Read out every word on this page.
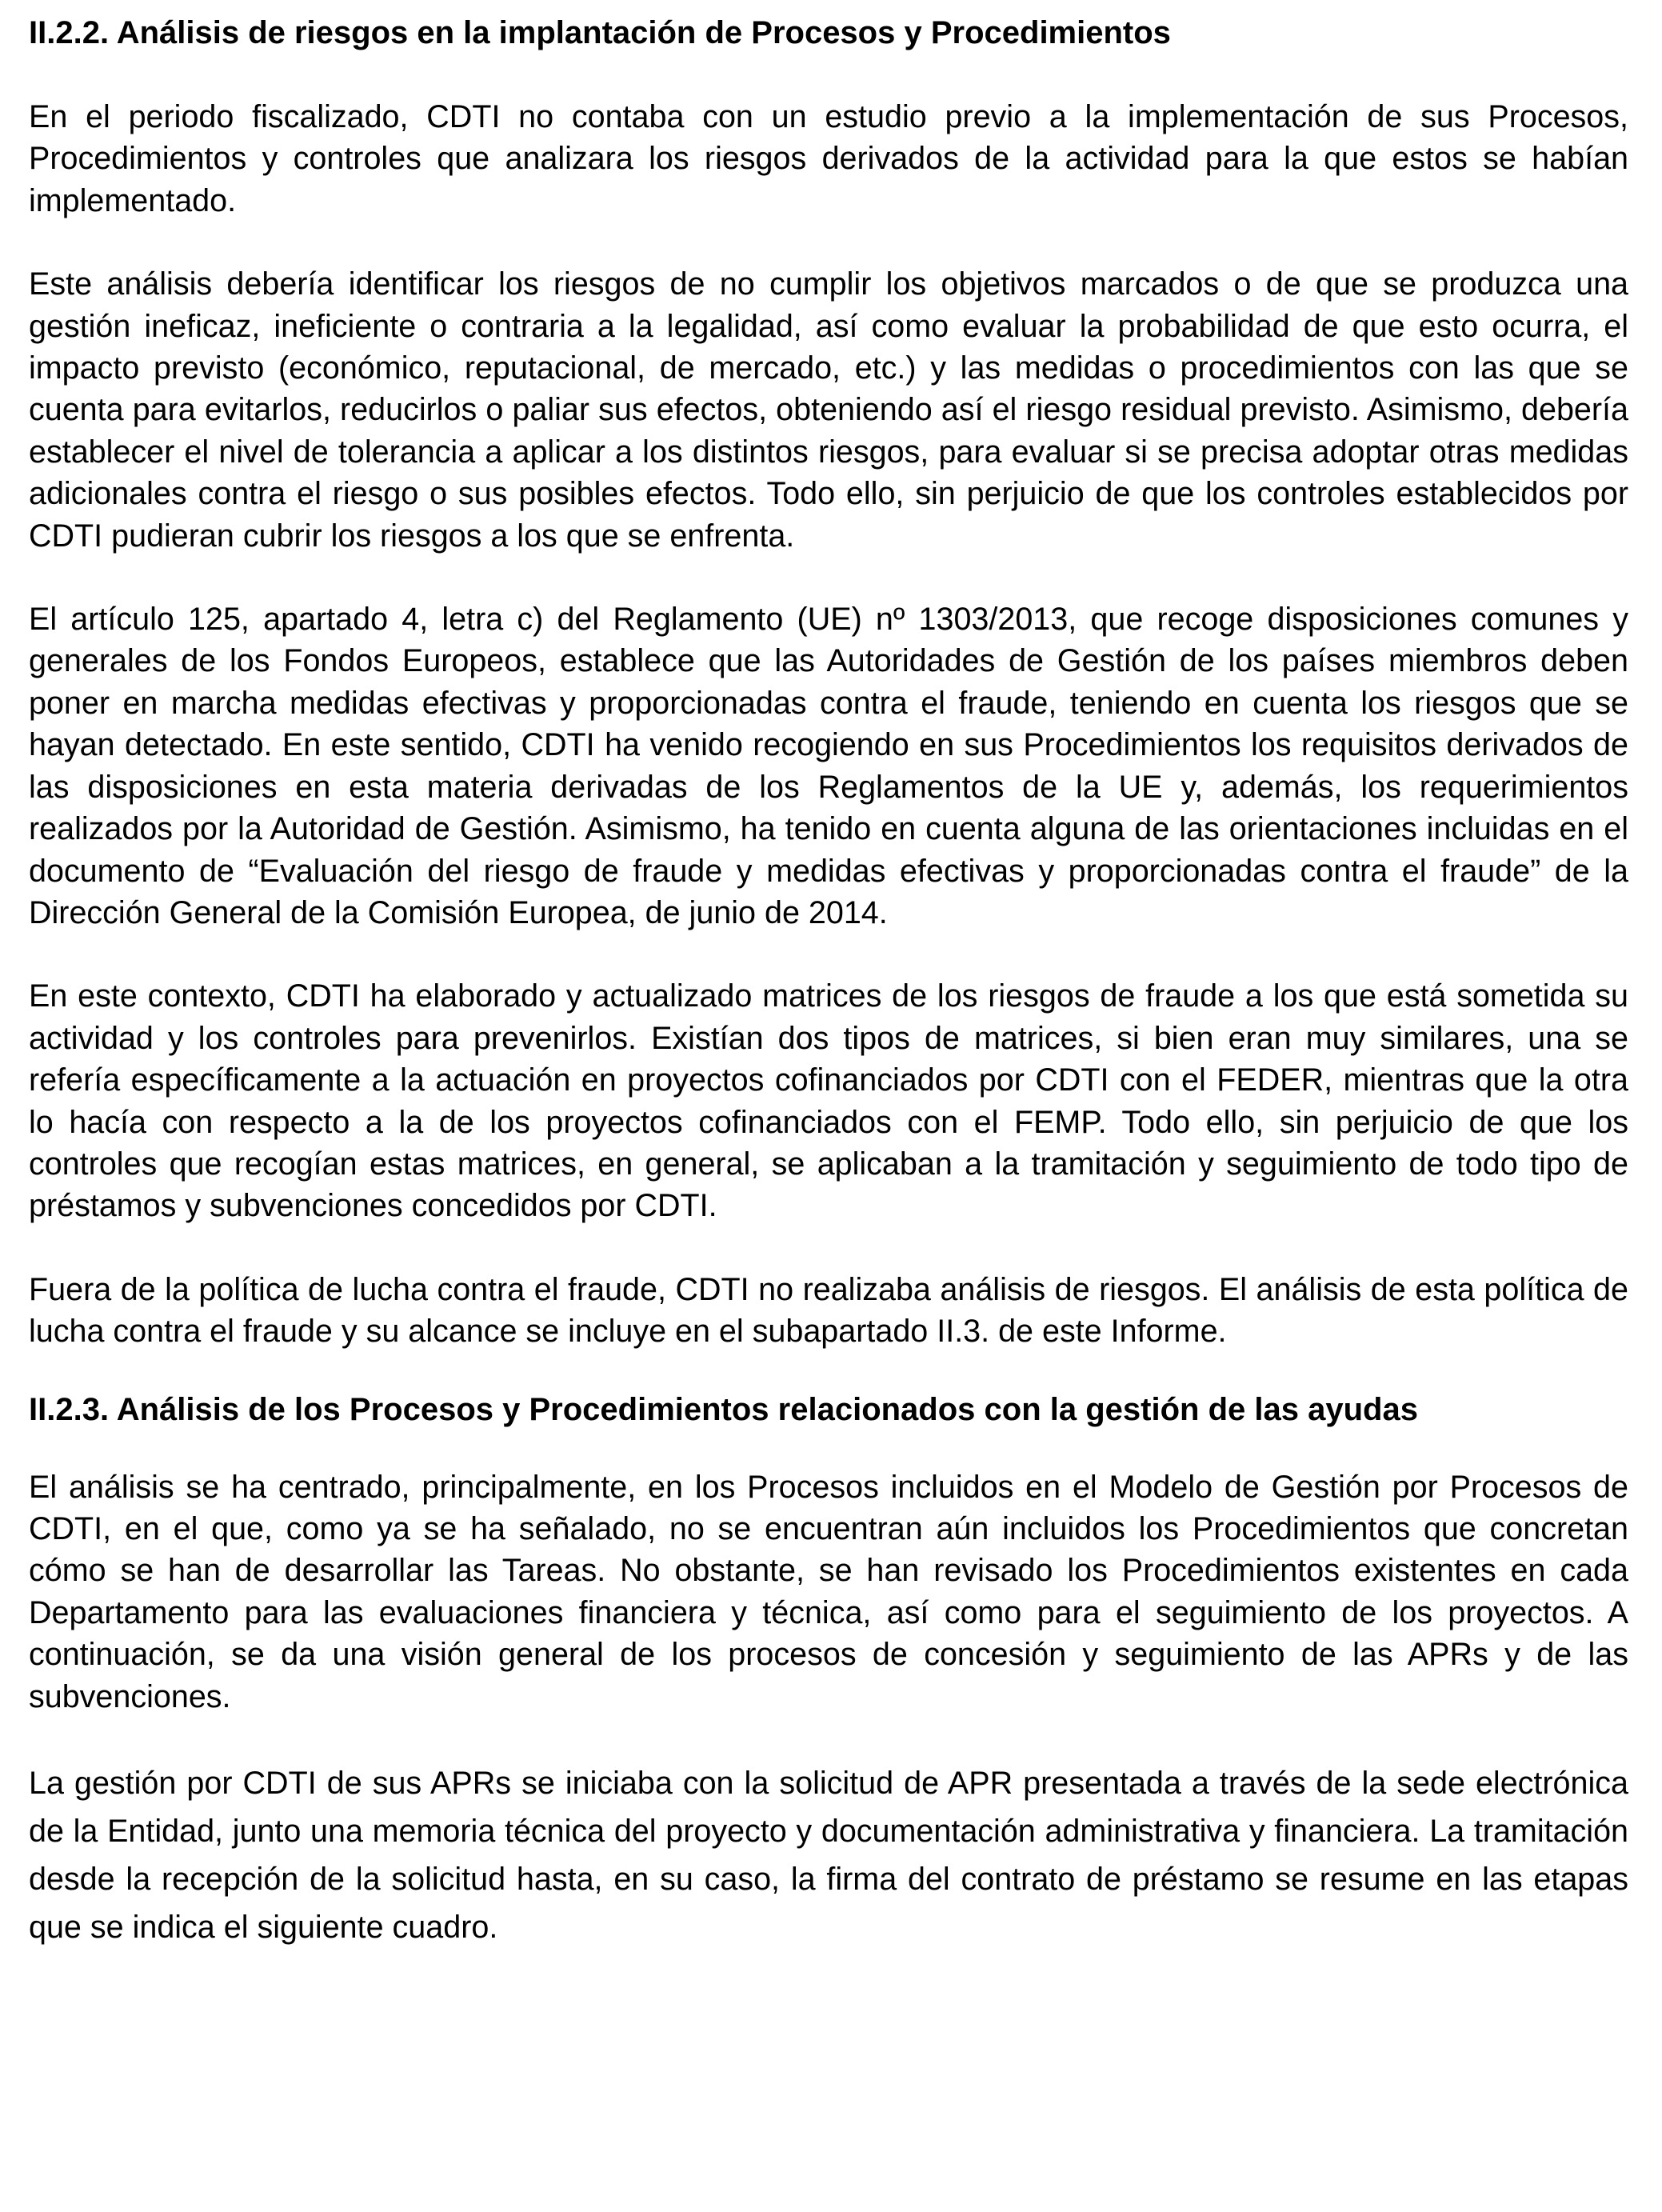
II.2.2. Análisis de riesgos en la implantación de Procesos y Procedimientos

En el periodo fiscalizado, CDTI no contaba con un estudio previo a la implementación de sus Procesos, Procedimientos y controles que analizara los riesgos derivados de la actividad para la que estos se habían implementado.

Este análisis debería identificar los riesgos de no cumplir los objetivos marcados o de que se produzca una gestión ineficaz, ineficiente o contraria a la legalidad, así como evaluar la probabilidad de que esto ocurra, el impacto previsto (económico, reputacional, de mercado, etc.) y las medidas o procedimientos con las que se cuenta para evitarlos, reducirlos o paliar sus efectos, obteniendo así el riesgo residual previsto. Asimismo, debería establecer el nivel de tolerancia a aplicar a los distintos riesgos, para evaluar si se precisa adoptar otras medidas adicionales contra el riesgo o sus posibles efectos. Todo ello, sin perjuicio de que los controles establecidos por CDTI pudieran cubrir los riesgos a los que se enfrenta.

El artículo 125, apartado 4, letra c) del Reglamento (UE) nº 1303/2013, que recoge disposiciones comunes y generales de los Fondos Europeos, establece que las Autoridades de Gestión de los países miembros deben poner en marcha medidas efectivas y proporcionadas contra el fraude, teniendo en cuenta los riesgos que se hayan detectado. En este sentido, CDTI ha venido recogiendo en sus Procedimientos los requisitos derivados de las disposiciones en esta materia derivadas de los Reglamentos de la UE y, además, los requerimientos realizados por la Autoridad de Gestión. Asimismo, ha tenido en cuenta alguna de las orientaciones incluidas en el documento de “Evaluación del riesgo de fraude y medidas efectivas y proporcionadas contra el fraude” de la Dirección General de la Comisión Europea, de junio de 2014.

En este contexto, CDTI ha elaborado y actualizado matrices de los riesgos de fraude a los que está sometida su actividad y los controles para prevenirlos. Existían dos tipos de matrices, si bien eran muy similares, una se refería específicamente a la actuación en proyectos cofinanciados por CDTI con el FEDER, mientras que la otra lo hacía con respecto a la de los proyectos cofinanciados con el FEMP. Todo ello, sin perjuicio de que los controles que recogían estas matrices, en general, se aplicaban a la tramitación y seguimiento de todo tipo de préstamos y subvenciones concedidos por CDTI.

Fuera de la política de lucha contra el fraude, CDTI no realizaba análisis de riesgos. El análisis de esta política de lucha contra el fraude y su alcance se incluye en el subapartado II.3. de este Informe.

II.2.3. Análisis de los Procesos y Procedimientos relacionados con la gestión de las ayudas

El análisis se ha centrado, principalmente, en los Procesos incluidos en el Modelo de Gestión por Procesos de CDTI, en el que, como ya se ha señalado, no se encuentran aún incluidos los Procedimientos que concretan cómo se han de desarrollar las Tareas. No obstante, se han revisado los Procedimientos existentes en cada Departamento para las evaluaciones financiera y técnica, así como para el seguimiento de los proyectos. A continuación, se da una visión general de los procesos de concesión y seguimiento de las APRs y de las subvenciones.

La gestión por CDTI de sus APRs se iniciaba con la solicitud de APR presentada a través de la sede electrónica de la Entidad, junto una memoria técnica del proyecto y documentación administrativa y financiera. La tramitación desde la recepción de la solicitud hasta, en su caso, la firma del contrato de préstamo se resume en las etapas que se indica el siguiente cuadro.
